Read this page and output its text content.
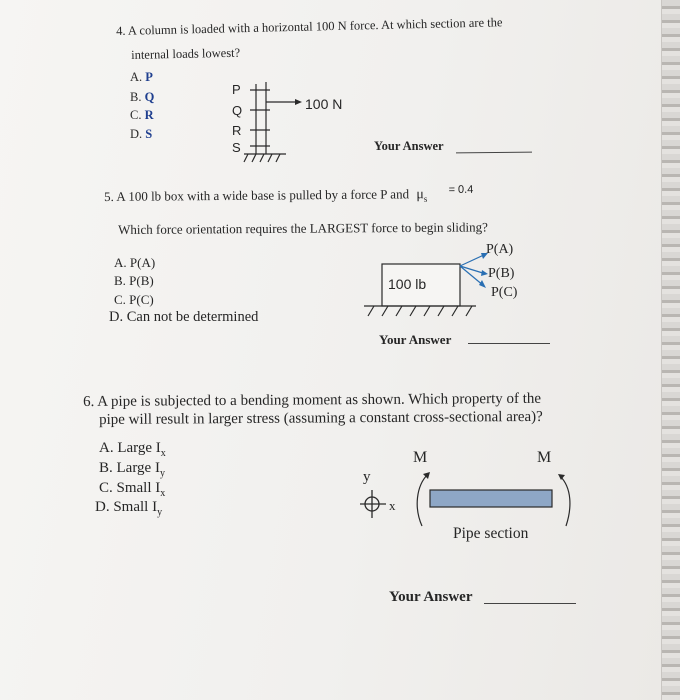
4. A column is loaded with a horizontal 100 N force. At which section are the
internal loads lowest?
A. P
B. Q
C. R
D. S
P
Q
R
S
100 N
Your Answer
5. A 100 lb box with a wide base is pulled by a force P and $\mu_s$ $^{= 0.4}$
Which force orientation requires the LARGEST force to begin sliding?
A. P(A)
B. P(B)
C. P(C)
D. Can not be determined
100 lb
P(A)
P(B)
P(C)
Your Answer
6. A pipe is subjected to a bending moment as shown. Which property of the
pipe will result in larger stress (assuming a constant cross-sectional area)?
A. Large $I_x$
B. Large $I_y$
C. Small $I_x$
D. Small $I_y$
M	M
y
x
Pipe section
Your Answer
